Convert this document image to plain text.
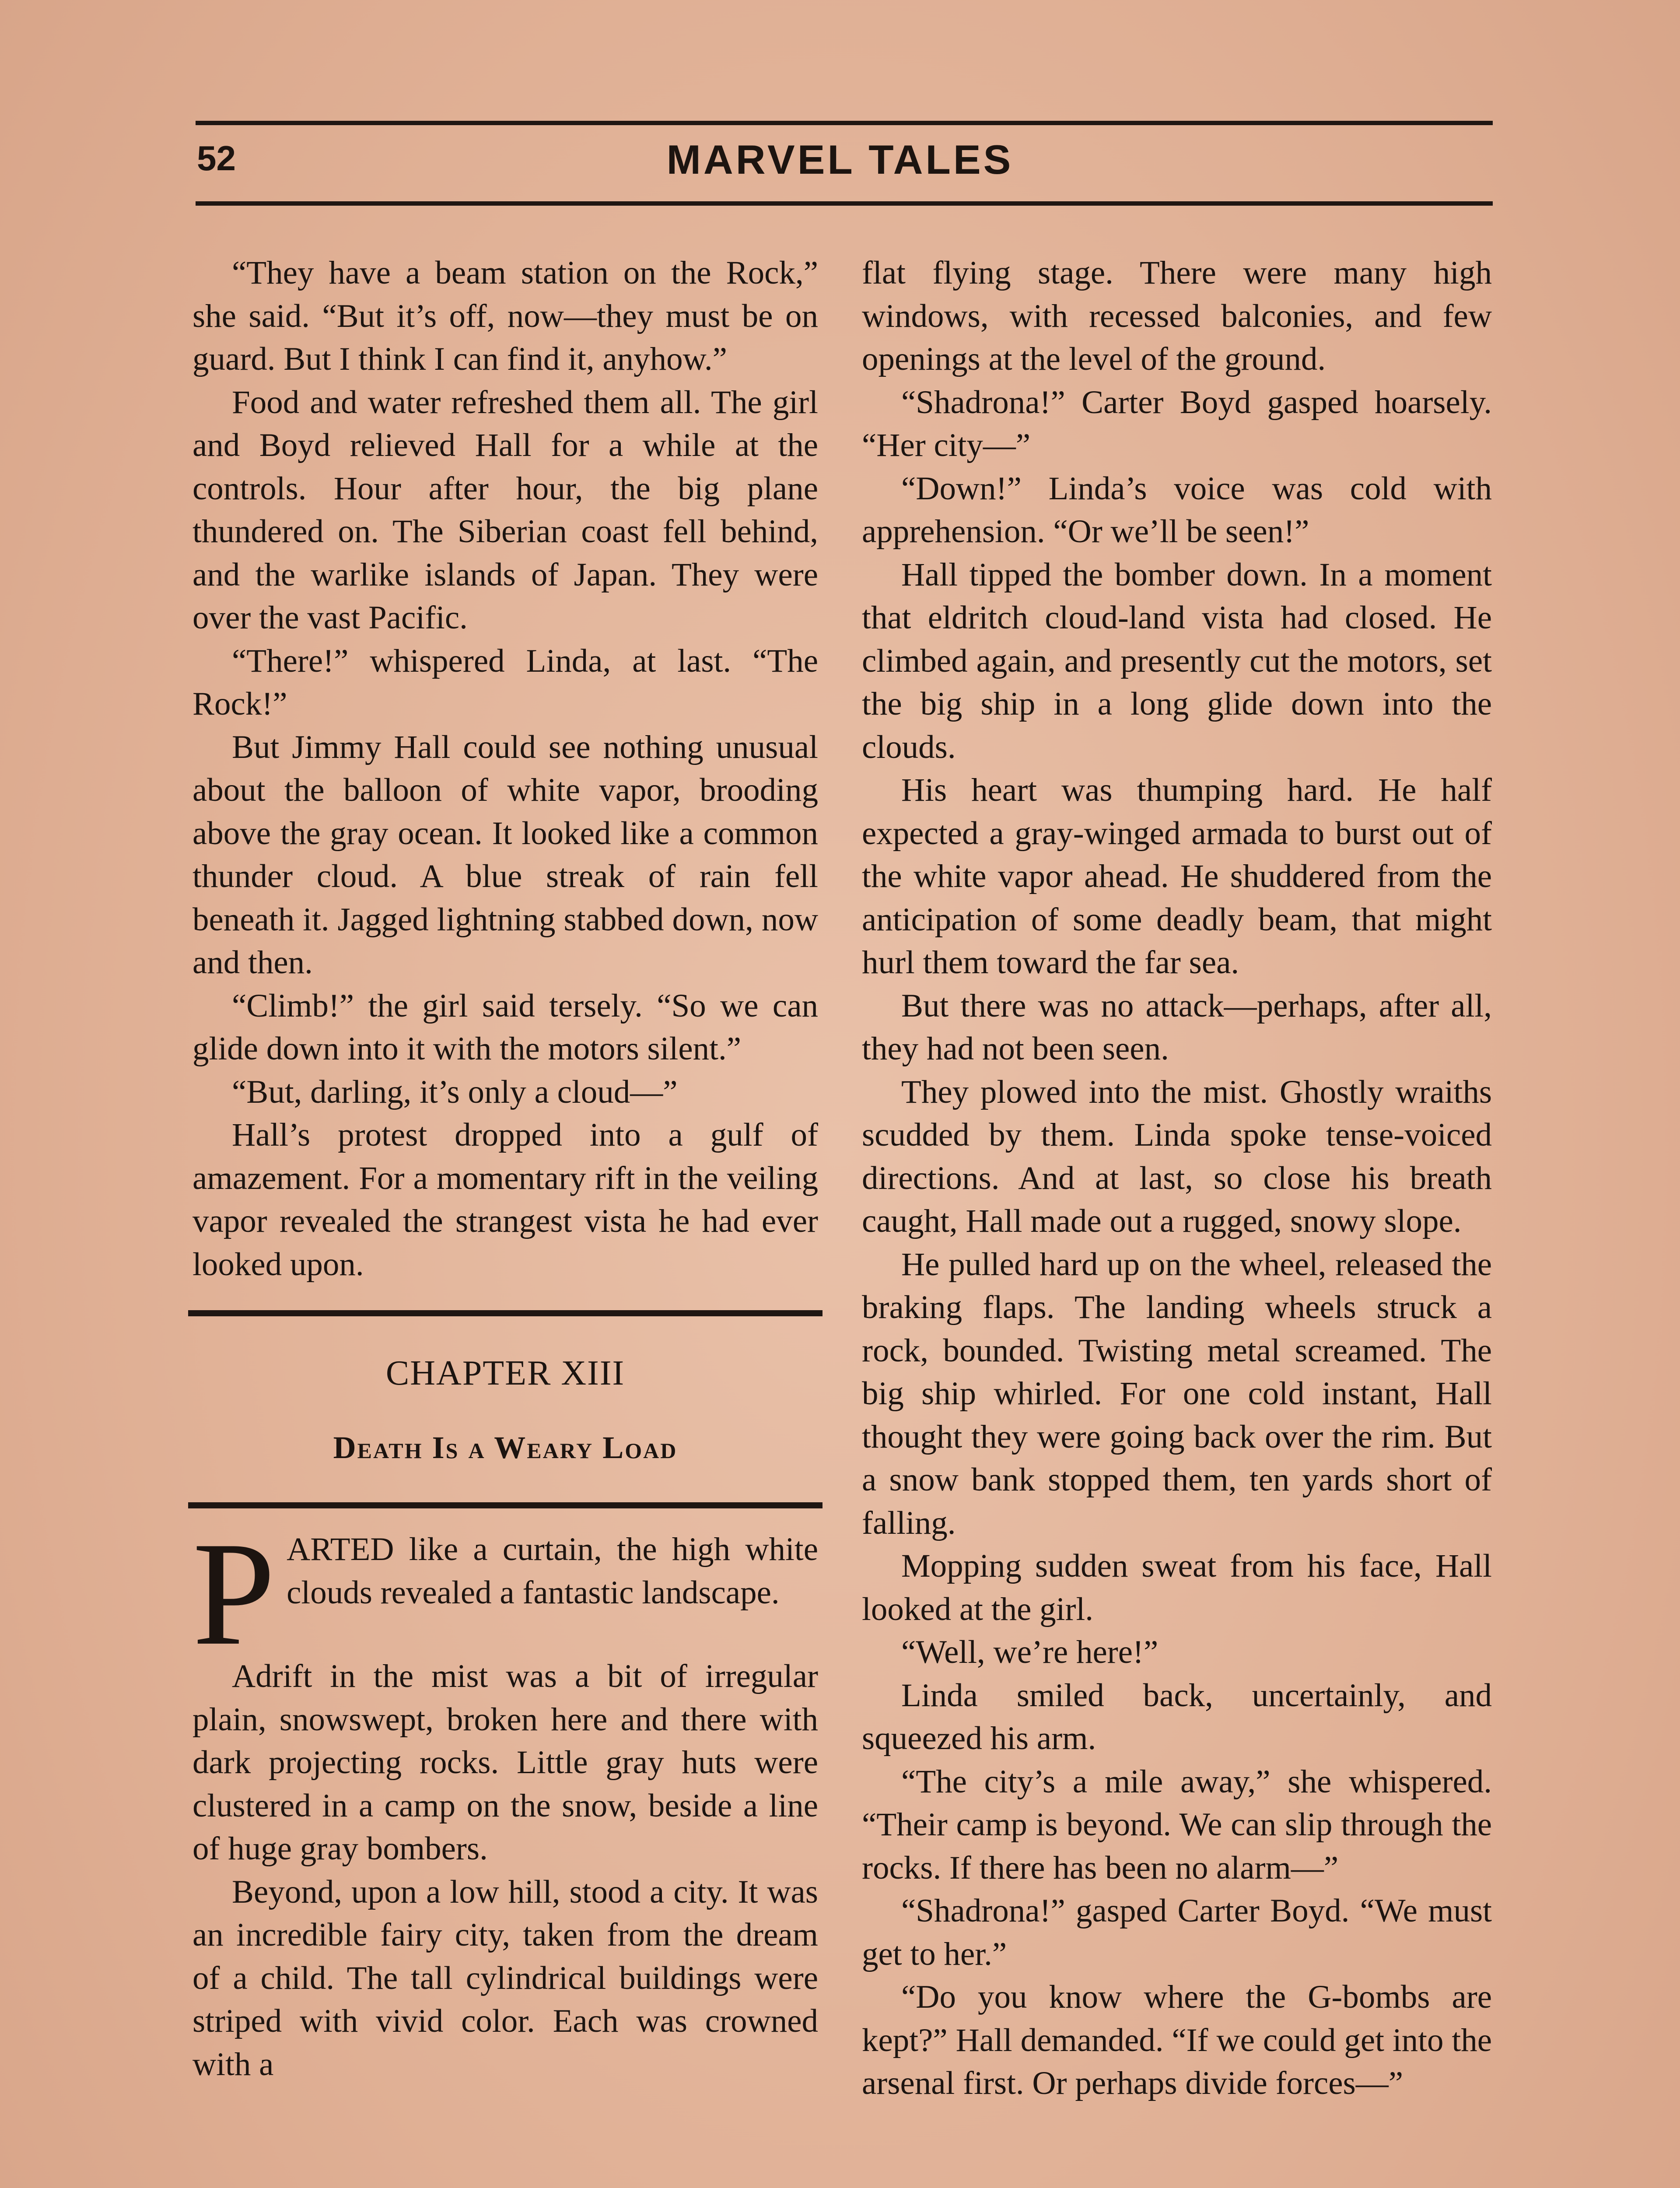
52	MARVEL TALES

“They have a beam station on the Rock,” she said. “But it’s off, now—they must be on guard. But I think I can find it, anyhow.”

Food and water refreshed them all. The girl and Boyd relieved Hall for a while at the controls. Hour after hour, the big plane thundered on. The Siberian coast fell behind, and the warlike islands of Japan. They were over the vast Pacific.

“There!” whispered Linda, at last. “The Rock!”

But Jimmy Hall could see nothing unusual about the balloon of white vapor, brooding above the gray ocean. It looked like a common thunder cloud. A blue streak of rain fell beneath it. Jagged lightning stabbed down, now and then.

“Climb!” the girl said tersely. “So we can glide down into it with the motors silent.”

“But, darling, it’s only a cloud—”

Hall’s protest dropped into a gulf of amazement. For a momentary rift in the veiling vapor revealed the strangest vista he had ever looked upon.

CHAPTER XIII
Death Is a Weary Load

PARTED like a curtain, the high white clouds revealed a fantastic landscape.

Adrift in the mist was a bit of irregular plain, snowswept, broken here and there with dark projecting rocks. Little gray huts were clustered in a camp on the snow, beside a line of huge gray bombers.

Beyond, upon a low hill, stood a city. It was an incredible fairy city, taken from the dream of a child. The tall cylindrical buildings were striped with vivid color. Each was crowned with a

flat flying stage. There were many high windows, with recessed balconies, and few openings at the level of the ground.

“Shadrona!” Carter Boyd gasped hoarsely. “Her city—”

“Down!” Linda’s voice was cold with apprehension. “Or we’ll be seen!”

Hall tipped the bomber down. In a moment that eldritch cloud-land vista had closed. He climbed again, and presently cut the motors, set the big ship in a long glide down into the clouds.

His heart was thumping hard. He half expected a gray-winged armada to burst out of the white vapor ahead. He shuddered from the anticipation of some deadly beam, that might hurl them toward the far sea.

But there was no attack—perhaps, after all, they had not been seen.

They plowed into the mist. Ghostly wraiths scudded by them. Linda spoke tense-voiced directions. And at last, so close his breath caught, Hall made out a rugged, snowy slope.

He pulled hard up on the wheel, released the braking flaps. The landing wheels struck a rock, bounded. Twisting metal screamed. The big ship whirled. For one cold instant, Hall thought they were going back over the rim. But a snow bank stopped them, ten yards short of falling.

Mopping sudden sweat from his face, Hall looked at the girl.

“Well, we’re here!”

Linda smiled back, uncertainly, and squeezed his arm.

“The city’s a mile away,” she whispered. “Their camp is beyond. We can slip through the rocks. If there has been no alarm—”

“Shadrona!” gasped Carter Boyd. “We must get to her.”

“Do you know where the G-bombs are kept?” Hall demanded. “If we could get into the arsenal first. Or perhaps divide forces—”
